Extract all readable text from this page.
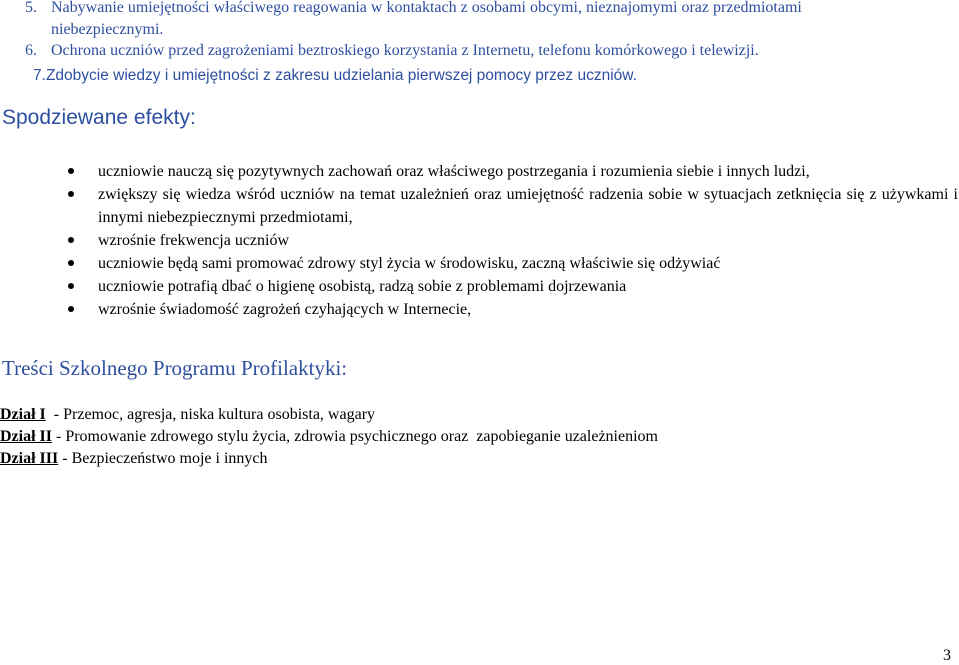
5. Nabywanie umiejętności właściwego reagowania w kontaktach z osobami obcymi, nieznajomymi oraz przedmiotami
niebezpiecznymi.
6. Ochrona uczniów przed zagrożeniami beztroskiego korzystania z Internetu, telefonu komórkowego i telewizji.
7.Zdobycie wiedzy i umiejętności z zakresu udzielania pierwszej pomocy przez uczniów.
Spodziewane efekty:
uczniowie nauczą się pozytywnych zachowań oraz właściwego postrzegania i rozumienia siebie i innych ludzi,
zwiększy się wiedza wśród uczniów na temat uzależnień oraz umiejętność radzenia sobie w sytuacjach zetknięcia się z używkami i innymi niebezpiecznymi przedmiotami,
wzrośnie frekwencja uczniów
uczniowie będą sami promować zdrowy styl życia w środowisku, zaczną właściwie się odżywiać
uczniowie potrafią dbać o higienę osobistą, radzą sobie z problemami dojrzewania
wzrośnie świadomość zagrożeń czyhających w Internecie,
Treści Szkolnego Programu Profilaktyki:
Dział I  - Przemoc, agresja, niska kultura osobista, wagary
Dział II - Promowanie zdrowego stylu życia, zdrowia psychicznego oraz  zapobieganie uzależnieniom
Dział III - Bezpieczeństwo moje i innych
3
